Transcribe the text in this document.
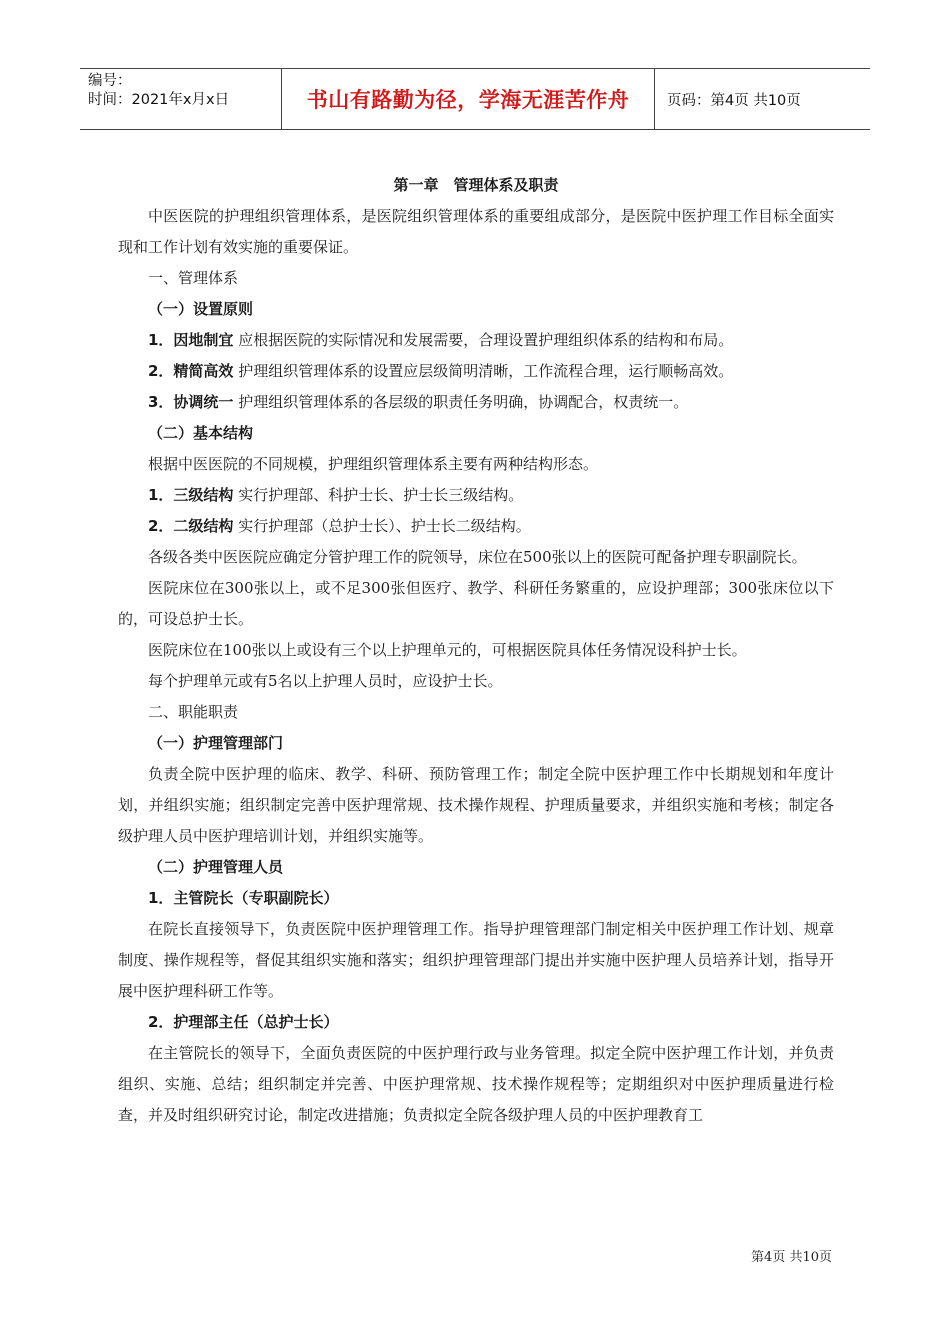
编号：
时间：2021年x月x日	书山有路勤为径，学海无涯苦作舟	页码：第4页 共10页

第一章　管理体系及职责

中医医院的护理组织管理体系，是医院组织管理体系的重要组成部分，是医院中医护理工作目标全面实现和工作计划有效实施的重要保证。

一、管理体系

（一）设置原则

1．因地制宜 应根据医院的实际情况和发展需要，合理设置护理组织体系的结构和布局。

2．精简高效 护理组织管理体系的设置应层级简明清晰，工作流程合理，运行顺畅高效。

3．协调统一 护理组织管理体系的各层级的职责任务明确，协调配合，权责统一。

（二）基本结构

根据中医医院的不同规模，护理组织管理体系主要有两种结构形态。

1．三级结构 实行护理部、科护士长、护士长三级结构。

2．二级结构 实行护理部（总护士长）、护士长二级结构。

各级各类中医医院应确定分管护理工作的院领导，床位在500张以上的医院可配备护理专职副院长。

医院床位在300张以上，或不足300张但医疗、教学、科研任务繁重的，应设护理部；300张床位以下的，可设总护士长。

医院床位在100张以上或设有三个以上护理单元的，可根据医院具体任务情况设科护士长。

每个护理单元或有5名以上护理人员时，应设护士长。

二、职能职责

（一）护理管理部门

负责全院中医护理的临床、教学、科研、预防管理工作；制定全院中医护理工作中长期规划和年度计划，并组织实施；组织制定完善中医护理常规、技术操作规程、护理质量要求，并组织实施和考核；制定各级护理人员中医护理培训计划，并组织实施等。

（二）护理管理人员

1．主管院长（专职副院长）

在院长直接领导下，负责医院中医护理管理工作。指导护理管理部门制定相关中医护理工作计划、规章制度、操作规程等，督促其组织实施和落实；组织护理管理部门提出并实施中医护理人员培养计划，指导开展中医护理科研工作等。

2．护理部主任（总护士长）

在主管院长的领导下，全面负责医院的中医护理行政与业务管理。拟定全院中医护理工作计划，并负责组织、实施、总结；组织制定并完善、中医护理常规、技术操作规程等；定期组织对中医护理质量进行检查，并及时组织研究讨论，制定改进措施；负责拟定全院各级护理人员的中医护理教育工

第4页 共10页
